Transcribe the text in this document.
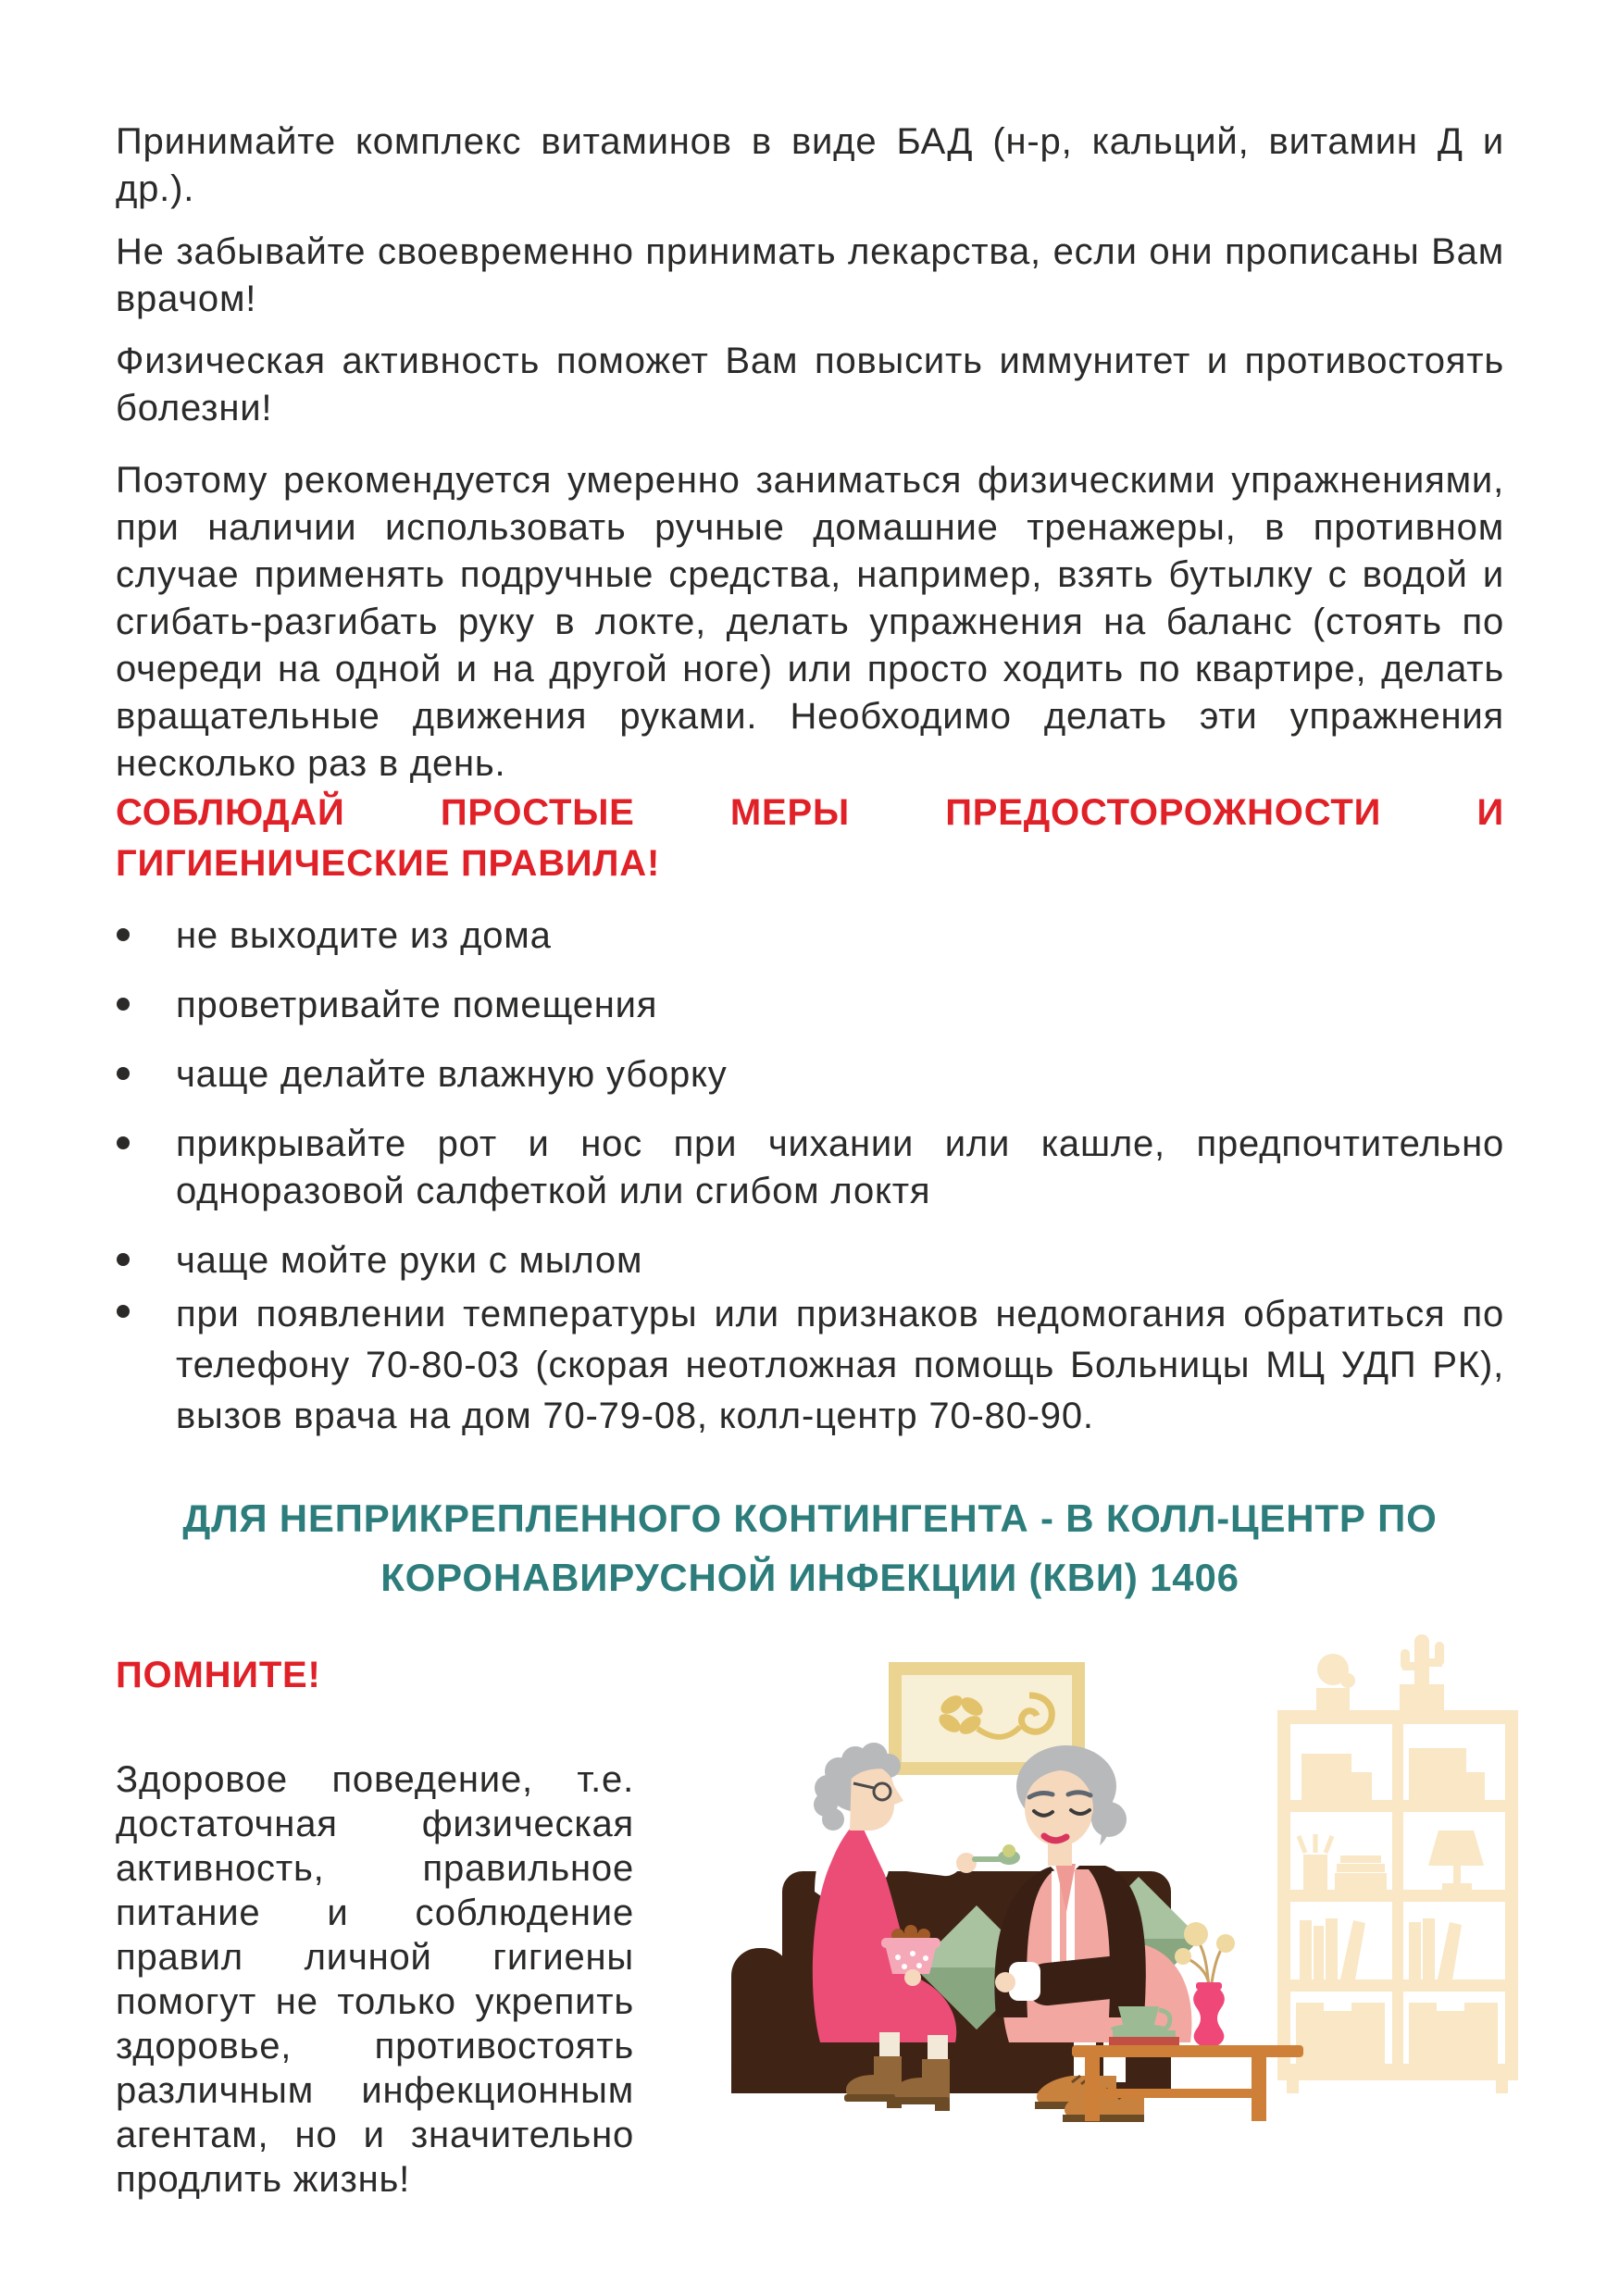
Принимайте комплекс витаминов в виде БАД (н-р, кальций, витамин Д и др.).

Не забывайте своевременно принимать лекарства, если они прописаны Вам врачом!

Физическая активность поможет Вам повысить иммунитет и противостоять болезни!

Поэтому рекомендуется умеренно заниматься физическими упражнениями, при наличии использовать ручные домашние тренажеры, в противном случае применять подручные средства, например, взять бутылку с водой и сгибать-разгибать руку в локте, делать упражнения на баланс (стоять по очереди на одной и на другой ноге) или просто ходить по квартире, делать вращательные движения руками. Необходимо делать эти упражнения несколько раз в день.

СОБЛЮДАЙ ПРОСТЫЕ МЕРЫ ПРЕДОСТОРОЖНОСТИ И ГИГИЕНИЧЕСКИЕ ПРАВИЛА!
не выходите из дома
проветривайте помещения
чаще делайте влажную уборку
прикрывайте рот и нос при чихании или кашле, предпочтительно одноразовой салфеткой или сгибом локтя
чаще мойте руки с мылом
при появлении температуры или признаков недомогания обратиться по телефону 70-80-03 (скорая неотложная помощь Больницы МЦ УДП РК), вызов врача на дом 70-79-08, колл-центр 70-80-90.
ДЛЯ НЕПРИКРЕПЛЕННОГО КОНТИНГЕНТА - В КОЛЛ-ЦЕНТР ПО КОРОНАВИРУСНОЙ ИНФЕКЦИИ (КВИ) 1406
ПОМНИТЕ!

Здоровое поведение, т.е. достаточная физическая активность, правильное питание и соблюдение правил личной гигиены помогут не только укрепить здоровье, противостоять различным инфекционным агентам, но и значительно продлить жизнь!
